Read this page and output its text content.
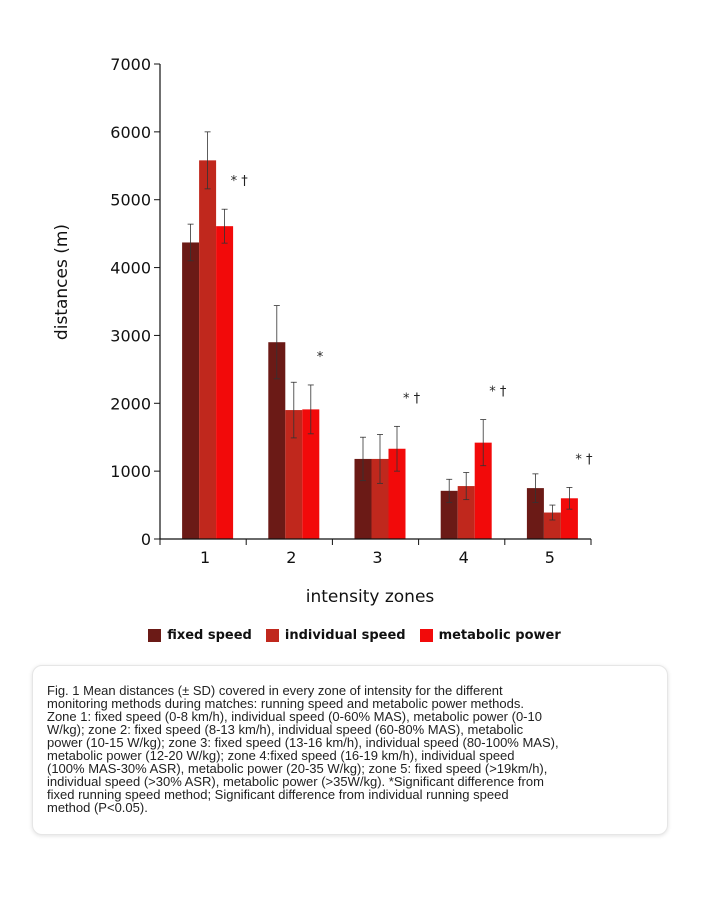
* †
*
* †	* †
* †
0
1000
2000
3000
4000
5000
6000
7000
1	2	3	4	5
distances (m)
intensity zones
fixed speed	individual speed	metabolic power

Fig. 1 Mean distances (± SD) covered in every zone of intensity for the different
monitoring methods during matches: running speed and metabolic power methods.
Zone 1: fixed speed (0-8 km/h), individual speed (0-60% MAS), metabolic power (0-10
W/kg); zone 2: fixed speed (8-13 km/h), individual speed (60-80% MAS), metabolic
power (10-15 W/kg); zone 3: fixed speed (13-16 km/h), individual speed (80-100% MAS),
metabolic power (12-20 W/kg); zone 4:fixed speed (16-19 km/h), individual speed
(100% MAS-30% ASR), metabolic power (20-35 W/kg); zone 5: fixed speed (>19km/h),
individual speed (>30% ASR), metabolic power (>35W/kg). *Significant difference from
fixed running speed method; Significant difference from individual running speed
method (P<0.05).
